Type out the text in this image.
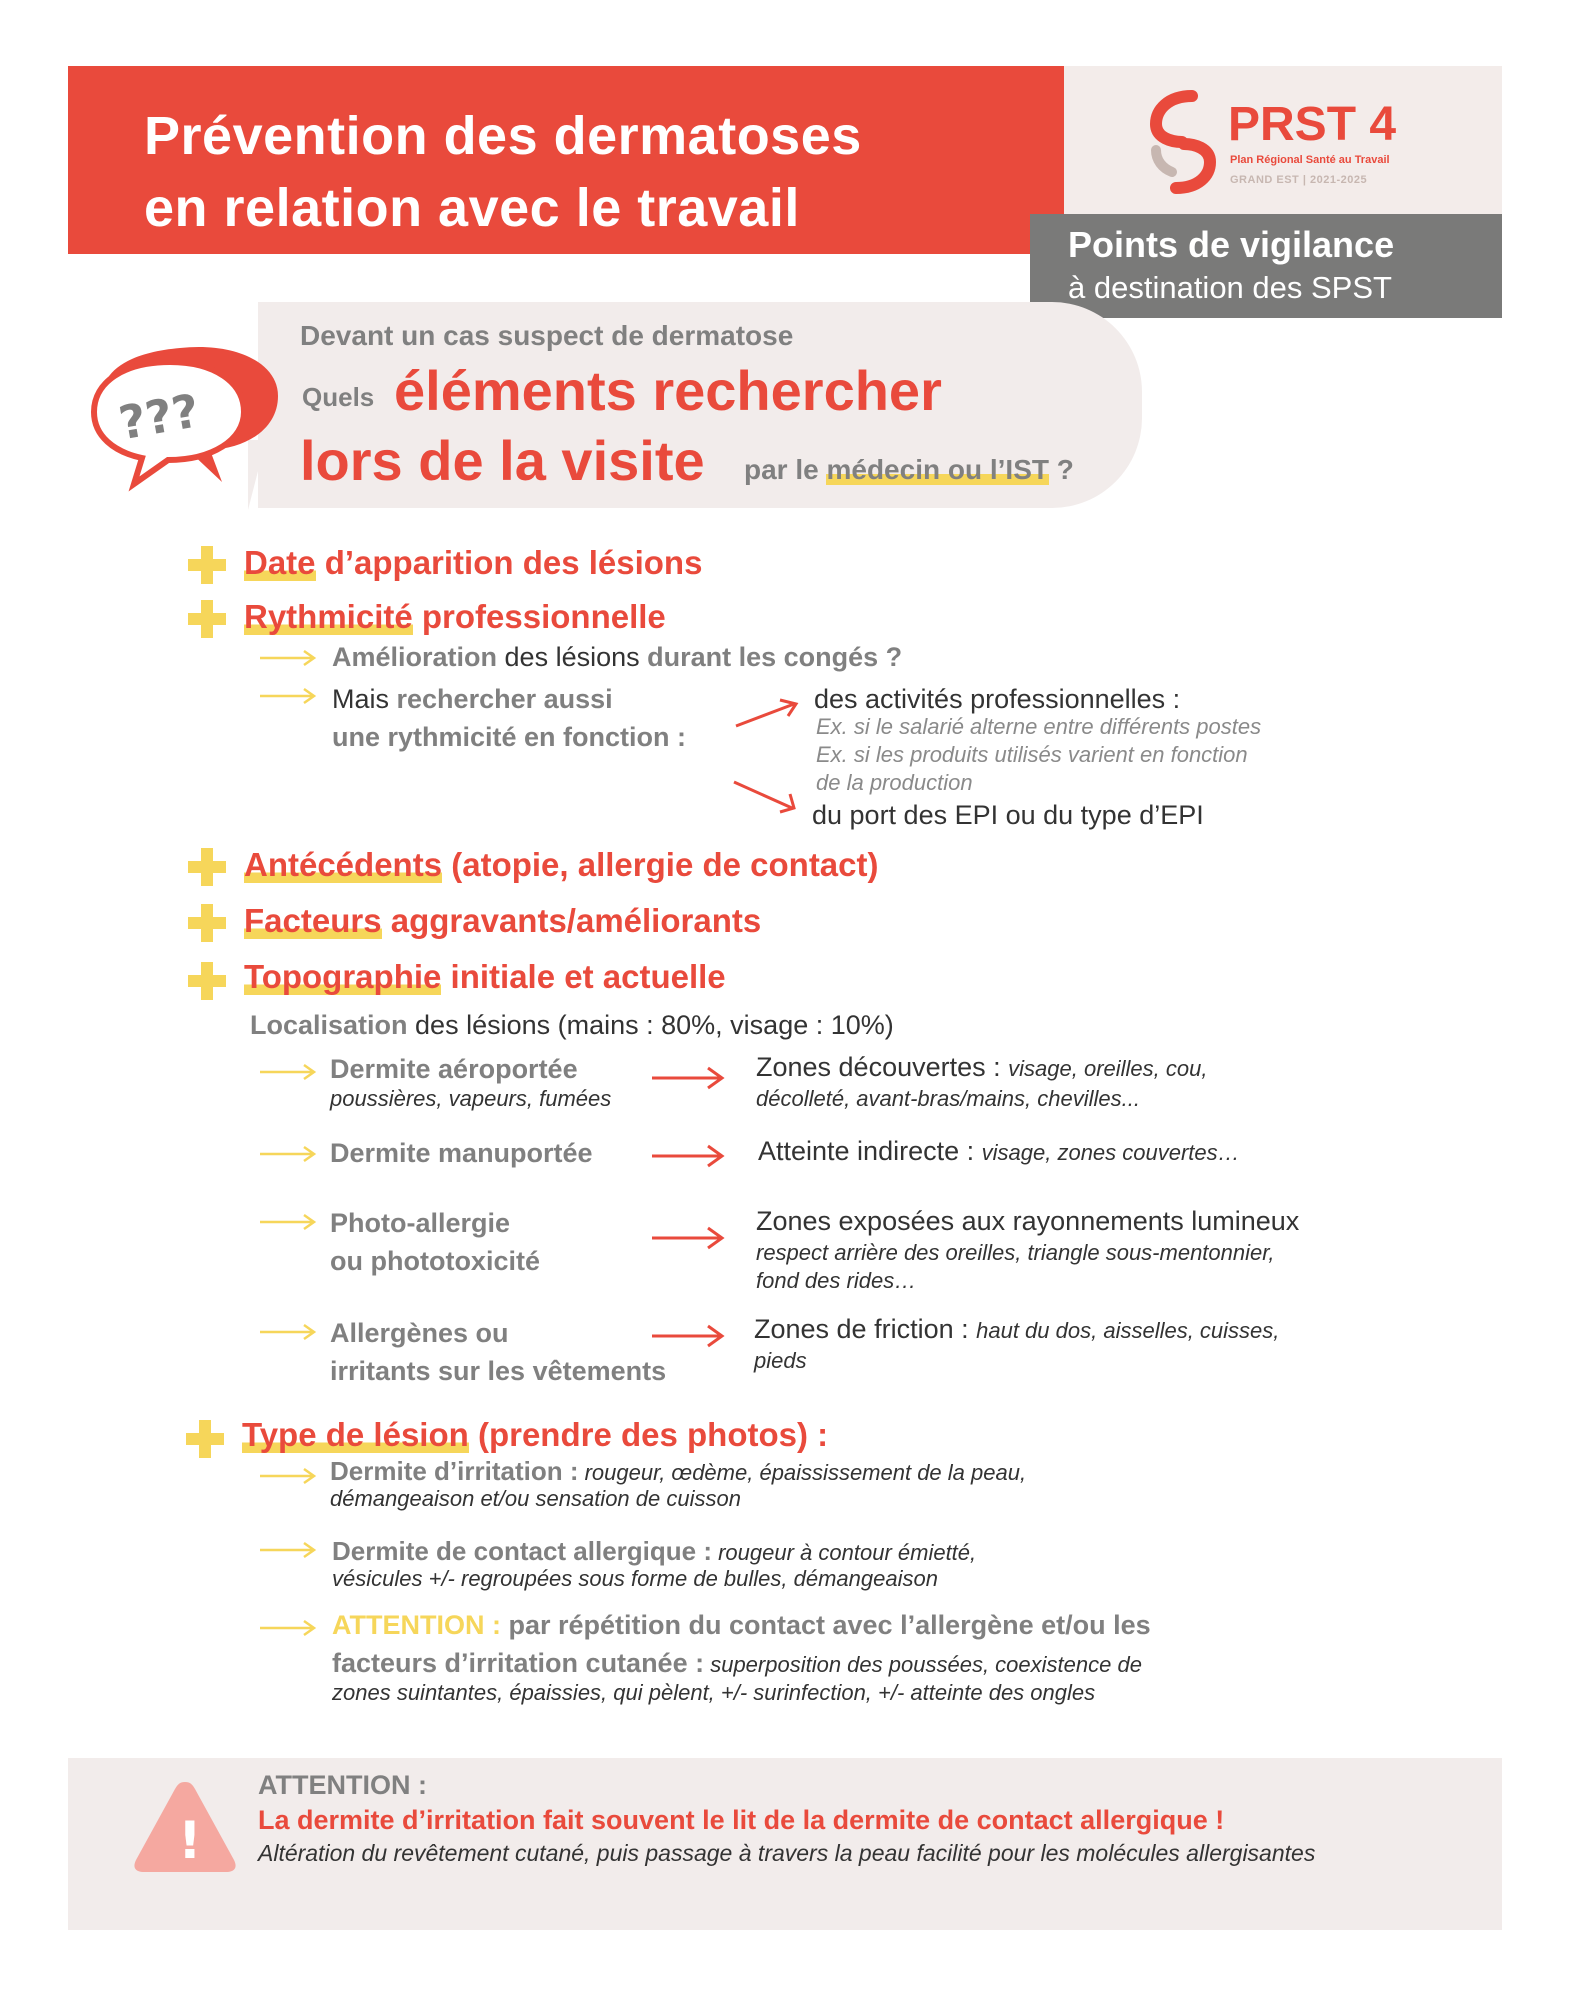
Prévention des dermatoses
en relation avec le travail
PRST 4
Plan Régional Santé au Travail
GRAND EST | 2021-2025
Points de vigilance
à destination des SPST
???
Devant un cas suspect de dermatose
Quels éléments rechercher
lors de la visite par le médecin ou l’IST ?
Date d’apparition des lésions
Rythmicité professionnelle
Amélioration des lésions durant les congés ?
Mais rechercher aussi
une rythmicité en fonction :
des activités professionnelles :
Ex. si le salarié alterne entre différents postes
Ex. si les produits utilisés varient en fonction
de la production
du port des EPI ou du type d’EPI
Antécédents (atopie, allergie de contact)
Facteurs aggravants/améliorants
Topographie initiale et actuelle
Localisation des lésions (mains : 80%, visage : 10%)
Dermite aéroportée
poussières, vapeurs, fumées
Zones découvertes : visage, oreilles, cou,
décolleté, avant-bras/mains, chevilles...
Dermite manuportée	Atteinte indirecte : visage, zones couvertes…
Photo-allergie
ou phototoxicité
Zones exposées aux rayonnements lumineux
respect arrière des oreilles, triangle sous-mentonnier,
fond des rides…
Allergènes ou
irritants sur les vêtements
Zones de friction : haut du dos, aisselles, cuisses,
pieds
Type de lésion (prendre des photos) :
Dermite d’irritation : rougeur, œdème, épaississement de la peau,
démangeaison et/ou sensation de cuisson
Dermite de contact allergique : rougeur à contour émietté,
vésicules +/- regroupées sous forme de bulles, démangeaison
ATTENTION : par répétition du contact avec l’allergène et/ou les
facteurs d’irritation cutanée : superposition des poussées, coexistence de
zones suintantes, épaissies, qui pèlent, +/- surinfection, +/- atteinte des ongles
!
ATTENTION :
La dermite d’irritation fait souvent le lit de la dermite de contact allergique !
Altération du revêtement cutané, puis passage à travers la peau facilité pour les molécules allergisantes
